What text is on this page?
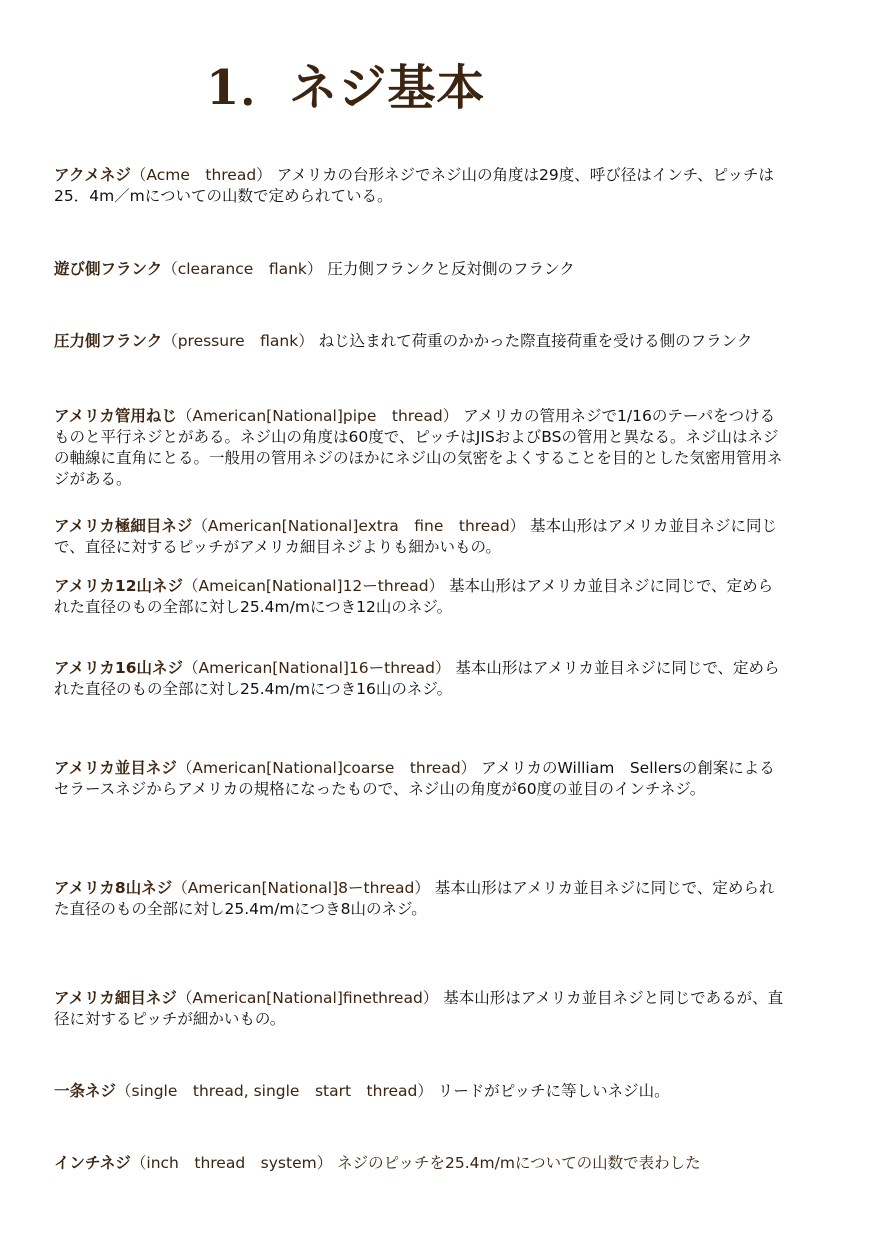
1．ネジ基本

アクメネジ（Acme　thread） アメリカの台形ネジでネジ山の角度は29度、呼び径はインチ、ピッチは25．4m／mについての山数で定められている。

遊び側フランク（clearance　flank） 圧力側フランクと反対側のフランク

圧力側フランク（pressure　flank） ねじ込まれて荷重のかかった際直接荷重を受ける側のフランク

アメリカ管用ねじ（American[National]pipe　thread） アメリカの管用ネジで1/16のテーパをつけるものと平行ネジとがある。ネジ山の角度は60度で、ピッチはJISおよびBSの管用と異なる。ネジ山はネジの軸線に直角にとる。一般用の管用ネジのほかにネジ山の気密をよくすることを目的とした気密用管用ネジがある。

アメリカ極細目ネジ（American[National]extra　fine　thread） 基本山形はアメリカ並目ネジに同じで、直径に対するピッチがアメリカ細目ネジよりも細かいもの。

アメリカ12山ネジ（Ameican[National]12ーthread） 基本山形はアメリカ並目ネジに同じで、定められた直径のもの全部に対し25.4m/mにつき12山のネジ。

アメリカ16山ネジ（American[National]16ーthread） 基本山形はアメリカ並目ネジに同じで、定められた直径のもの全部に対し25.4m/mにつき16山のネジ。

アメリカ並目ネジ（American[National]coarse　thread） アメリカのWilliam　Sellersの創案によるセラースネジからアメリカの規格になったもので、ネジ山の角度が60度の並目のインチネジ。

アメリカ8山ネジ（American[National]8ーthread） 基本山形はアメリカ並目ネジに同じで、定められた直径のもの全部に対し25.4m/mにつき8山のネジ。

アメリカ細目ネジ（American[National]finethread） 基本山形はアメリカ並目ネジと同じであるが、直径に対するピッチが細かいもの。

一条ネジ（single　thread, single　start　thread） リードがピッチに等しいネジ山。

インチネジ（inch　thread　system） ネジのピッチを25.4m/mについての山数で表わした
